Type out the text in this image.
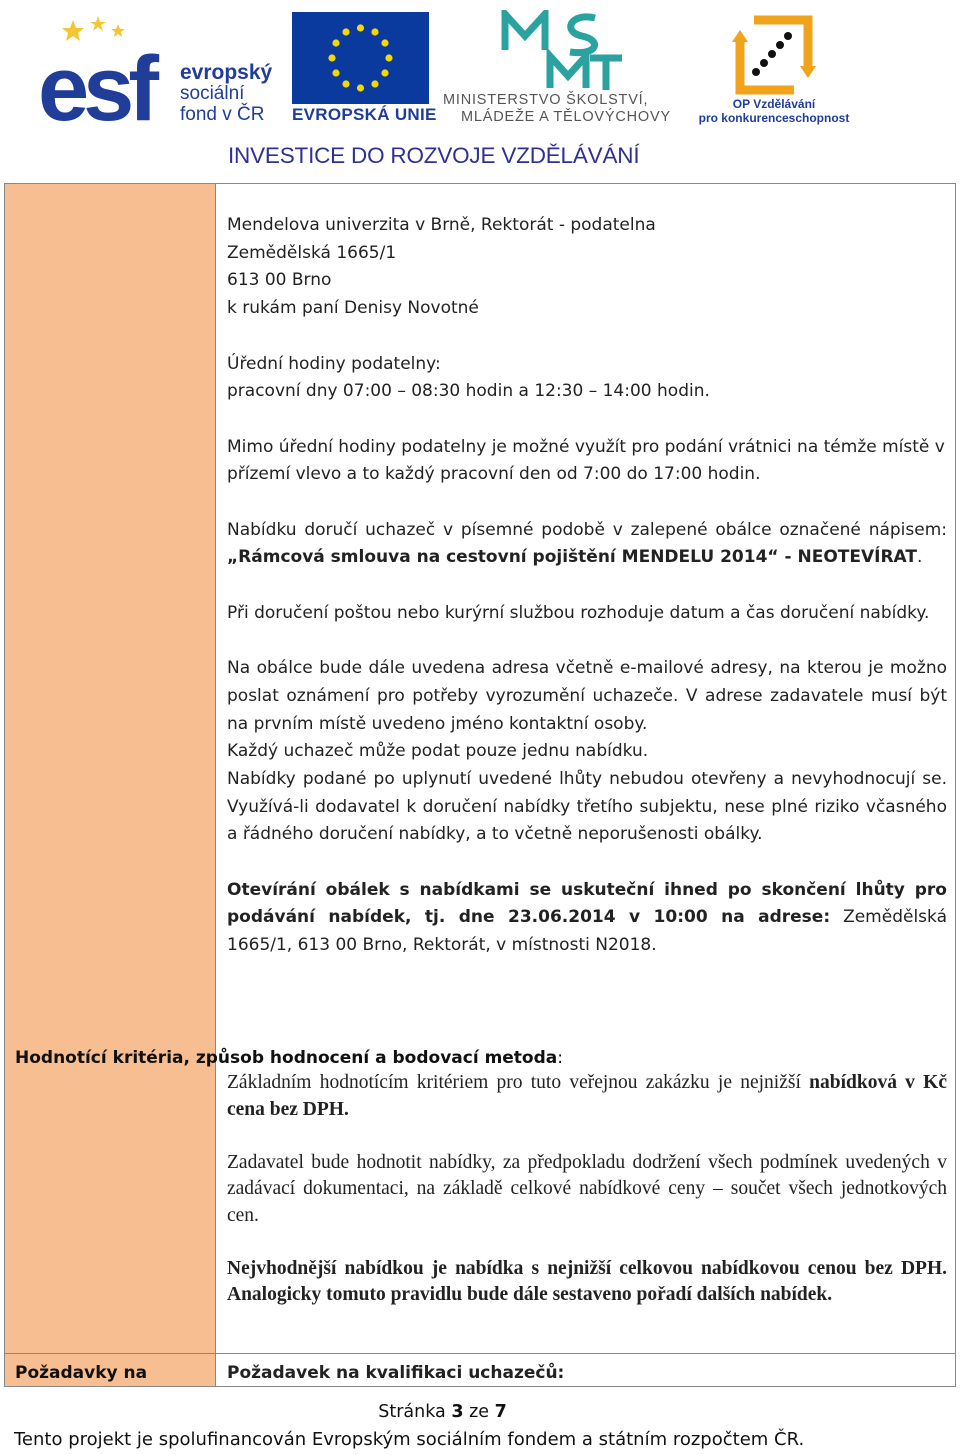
esf	evropský
sociální
fond v ČR	EVROPSKÁ UNIE
MINISTERSTVO ŠKOLSTVÍ,
MLÁDEŽE A TĚLOVÝCHOVY
OP Vzdělávání
pro konkurenceschopnost
INVESTICE DO ROZVOJE VZDĚLÁVÁNÍ
Hodnotící kritéria, způsob hodnocení a bodovací metoda:
Požadavky na

Mendelova univerzita v Brně, Rektorát - podatelna

Zemědělská 1665/1

613 00 Brno

k rukám paní Denisy Novotné

Úřední hodiny podatelny:

pracovní dny 07:00 – 08:30 hodin a 12:30 – 14:00 hodin.

Mimo úřední hodiny podatelny je možné využít pro podání vrátnici na témže místě v přízemí vlevo a to každý pracovní den od 7:00 do 17:00 hodin.

Nabídku doručí uchazeč v písemné podobě v zalepené obálce označené nápisem: „Rámcová smlouva na cestovní pojištění MENDELU 2014“ - NEOTEVÍRAT.

Při doručení poštou nebo kurýrní službou rozhoduje datum a čas doručení nabídky.

Na obálce bude dále uvedena adresa včetně e-mailové adresy, na kterou je možno poslat oznámení pro potřeby vyrozumění uchazeče. V adrese zadavatele musí být na prvním místě uvedeno jméno kontaktní osoby.

Každý uchazeč může podat pouze jednu nabídku.

Nabídky podané po uplynutí uvedené lhůty nebudou otevřeny a nevyhodnocují se. Využívá-li dodavatel k doručení nabídky třetího subjektu, nese plné riziko včasného a řádného doručení nabídky, a to včetně neporušenosti obálky.

Otevírání obálek s nabídkami se uskuteční ihned po skončení lhůty pro podávání nabídek, tj. dne 23.06.2014 v 10:00 na adrese: Zemědělská 1665/1, 613 00 Brno, Rektorát, v místnosti N2018.

Základním hodnotícím kritériem pro tuto veřejnou zakázku je nejnižší nabídková v Kč cena bez DPH.

Zadavatel bude hodnotit nabídky, za předpokladu dodržení všech podmínek uvedených v zadávací dokumentaci, na základě celkové nabídkové ceny – součet všech jednotkových cen.

Nejvhodnější nabídkou je nabídka s nejnižší celkovou nabídkovou cenou bez DPH. Analogicky tomuto pravidlu bude dále sestaveno pořadí dalších nabídek.

Požadavek na kvalifikaci uchazečů:
Stránka 3 ze 7
Tento projekt je spolufinancován Evropským sociálním fondem a státním rozpočtem ČR.
